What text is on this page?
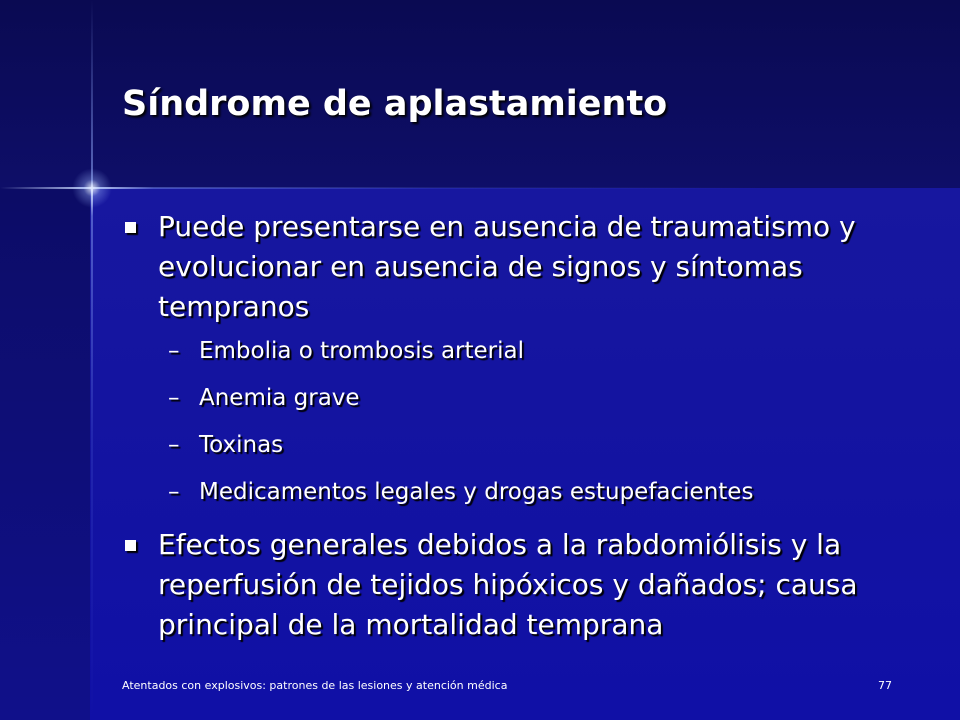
Síndrome de aplastamiento

Puede presentarse en ausencia de traumatismo y evolucionar en ausencia de signos y síntomas tempranos

– Embolia o trombosis arterial

– Anemia grave

– Toxinas

– Medicamentos legales y drogas estupefacientes

Efectos generales debidos a la rabdomiólisis y la reperfusión de tejidos hipóxicos y dañados; causa principal de la mortalidad temprana

Atentados con explosivos: patrones de las lesiones y atención médica	77
